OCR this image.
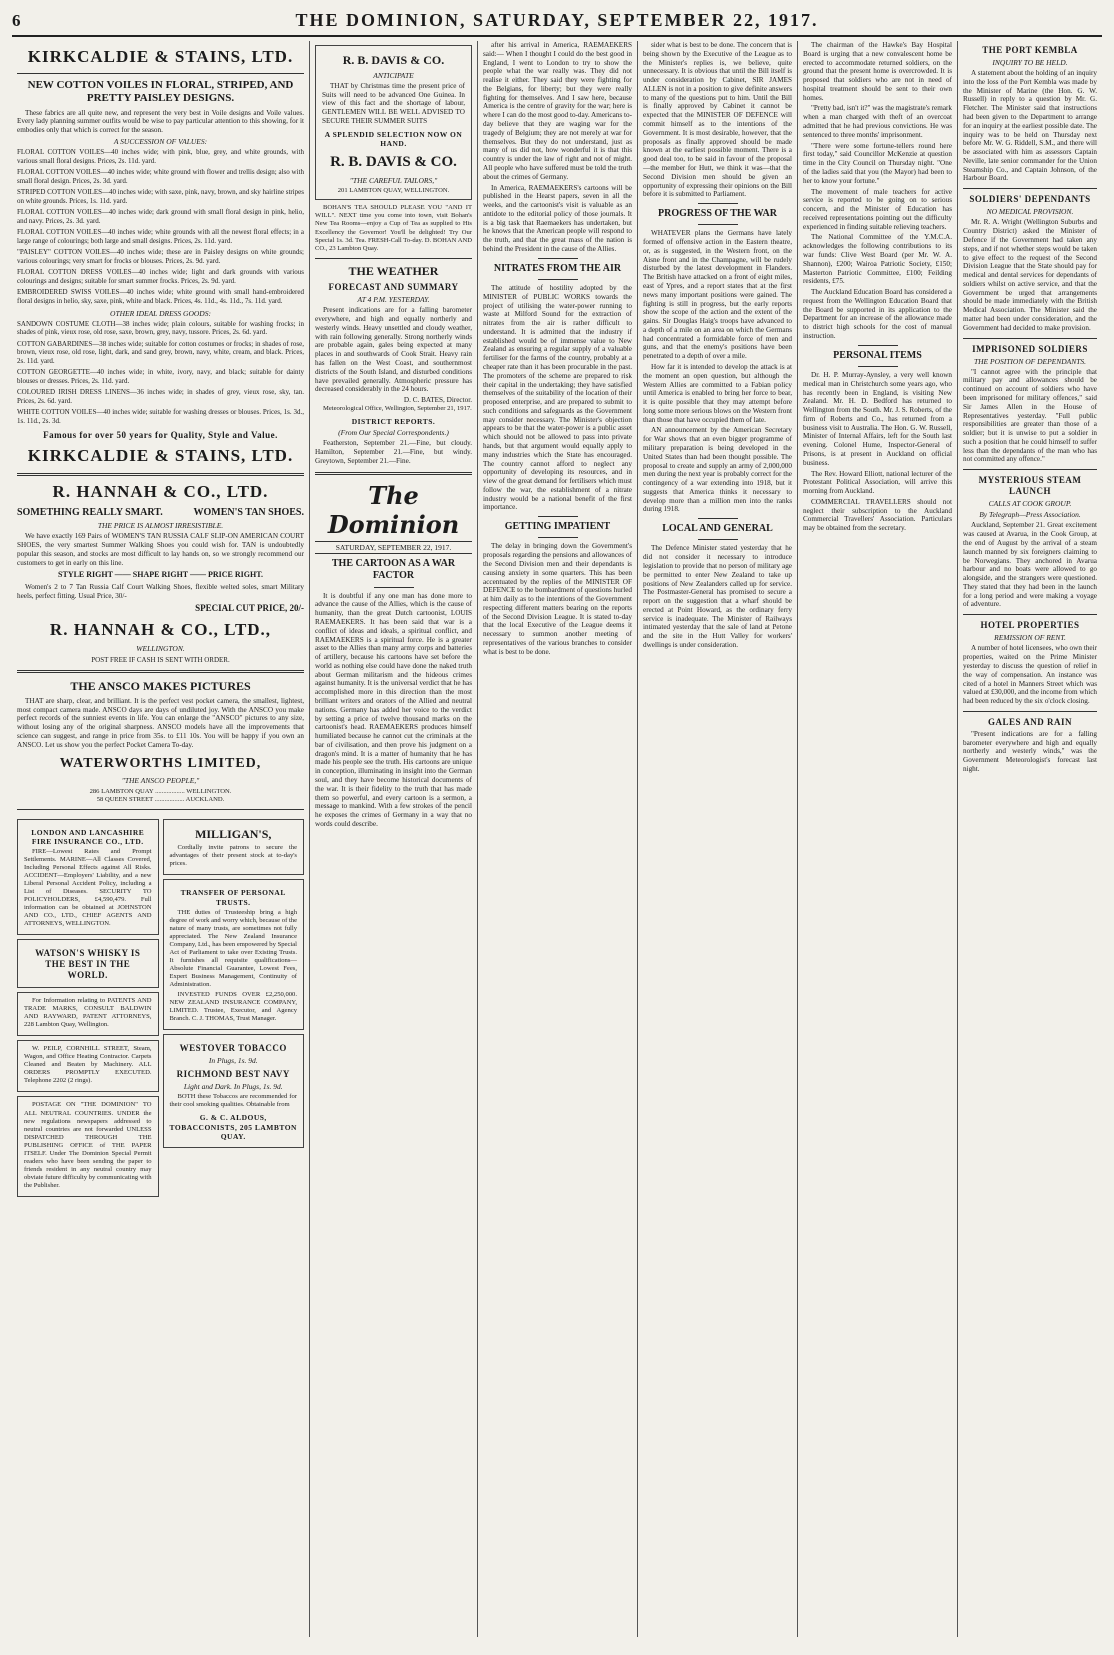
6	THE DOMINION, SATURDAY, SEPTEMBER 22, 1917.
KIRKCALDIE & STAINS, LTD.
NEW COTTON VOILES IN FLORAL, STRIPED, AND PRETTY PAISLEY DESIGNS.

These fabrics are all quite new, and represent the very best in Voile designs and Voile values. Every lady planning summer outfits would be wise to pay particular attention to this showing, for it embodies only that which is correct for the season.

A SUCCESSION OF VALUES:
FLORAL COTTON VOILES—40 inches wide; with pink, blue, grey, and white grounds, with various small floral designs. Prices, 2s. 11d. yard.
FLORAL COTTON VOILES—40 inches wide; white ground with flower and trellis design; also with small floral design. Prices, 2s. 3d. yard.
STRIPED COTTON VOILES—40 inches wide; with saxe, pink, navy, brown, and sky hairline stripes on white grounds. Prices, 1s. 11d. yard.
FLORAL COTTON VOILES—40 inches wide; dark ground with small floral design in pink, helio, and navy. Prices, 2s. 3d. yard.
FLORAL COTTON VOILES—40 inches wide; white grounds with all the newest floral effects; in a large range of colourings; both large and small designs. Prices, 2s. 11d. yard.
"PAISLEY" COTTON VOILES—40 inches wide; these are in Paisley designs on white grounds; various colourings; very smart for frocks or blouses. Prices, 2s. 9d. yard.
FLORAL COTTON DRESS VOILES—40 inches wide; light and dark grounds with various colourings and designs; suitable for smart summer frocks. Prices, 2s. 9d. yard.
EMBROIDERED SWISS VOILES—40 inches wide; white ground with small hand-embroidered floral designs in helio, sky, saxe, pink, white and black. Prices, 4s. 11d., 4s. 11d., 7s. 11d. yard.
OTHER IDEAL DRESS GOODS:
SANDOWN COSTUME CLOTH—38 inches wide; plain colours, suitable for washing frocks; in shades of pink, vieux rose, old rose, saxe, brown, grey, navy, tussore. Prices, 2s. 6d. yard.
COTTON GABARDINES—38 inches wide; suitable for cotton costumes or frocks; in shades of rose, brown, vieux rose, old rose, light, dark, and sand grey, brown, navy, white, cream, and black. Prices, 2s. 11d. yard.
COTTON GEORGETTE—40 inches wide; in white, ivory, navy, and black; suitable for dainty blouses or dresses. Prices, 2s. 11d. yard.
COLOURED IRISH DRESS LINENS—36 inches wide; in shades of grey, vieux rose, sky, tan. Prices, 2s. 6d. yard.
WHITE COTTON VOILES—40 inches wide; suitable for washing dresses or blouses. Prices, 1s. 3d., 1s. 11d., 2s. 3d.
Famous for over 50 years for Quality, Style and Value.
KIRKCALDIE & STAINS, LTD.
R. HANNAH & CO., LTD.
SOMETHING REALLY SMART.	WOMEN'S TAN SHOES.
THE PRICE IS ALMOST IRRESISTIBLE.

We have exactly 169 Pairs of WOMEN'S TAN RUSSIA CALF SLIP-ON AMERICAN COURT SHOES, the very smartest Summer Walking Shoes you could wish for. TAN is undoubtedly popular this season, and stocks are most difficult to lay hands on, so we strongly recommend our customers to get in early on this line.

STYLE RIGHT —— SHAPE RIGHT —— PRICE RIGHT.

Women's 2 to 7 Tan Russia Calf Court Walking Shoes, flexible welted soles, smart Military heels, perfect fitting. Usual Price, 30/-

SPECIAL CUT PRICE, 20/-
R. HANNAH & CO., LTD.,
WELLINGTON.
POST FREE IF CASH IS SENT WITH ORDER.
THE ANSCO MAKES PICTURES

THAT are sharp, clear, and brilliant. It is the perfect vest pocket camera, the smallest, lightest, most compact camera made. ANSCO days are days of undiluted joy. With the ANSCO you make perfect records of the sunniest events in life. You can enlarge the "ANSCO" pictures to any size, without losing any of the original sharpness. ANSCO models have all the improvements that science can suggest, and range in price from 35s. to £11 10s. You will be happy if you own an ANSCO. Let us show you the perfect Pocket Camera To-day.

WATERWORTHS LIMITED,
"THE ANSCO PEOPLE,"
286 LAMBTON QUAY .................. WELLINGTON.
58 QUEEN STREET .................. AUCKLAND.
LONDON AND LANCASHIRE FIRE INSURANCE CO., LTD.

FIRE—Lowest Rates and Prompt Settlements. MARINE—All Classes Covered, Including Personal Effects against All Risks. ACCIDENT—Employers' Liability, and a new Liberal Personal Accident Policy, including a List of Diseases. SECURITY TO POLICYHOLDERS, £4,590,479. Full information can be obtained at JOHNSTON AND CO., LTD., CHIEF AGENTS AND ATTORNEYS, WELLINGTON.

WATSON'S WHISKY IS THE BEST IN THE WORLD.

For Information relating to PATENTS AND TRADE MARKS, CONSULT BALDWIN AND RAYWARD, PATENT ATTORNEYS, 228 Lambton Quay, Wellington.

W. PEILP, CORNHILL STREET, Steam, Wagon, and Office Heating Contractor. Carpets Cleaned and Beaten by Machinery. ALL ORDERS PROMPTLY EXECUTED. Telephone 2202 (2 rings).

POSTAGE ON "THE DOMINION" TO ALL NEUTRAL COUNTRIES. UNDER the new regulations newspapers addressed to neutral countries are not forwarded UNLESS DISPATCHED THROUGH THE PUBLISHING OFFICE of THE PAPER ITSELF. Under The Dominion Special Permit readers who have been sending the paper to friends resident in any neutral country may obviate future difficulty by communicating with the Publisher.

MILLIGAN'S,

Cordially invite patrons to secure the advantages of their present stock at to-day's prices.

TRANSFER OF PERSONAL TRUSTS.

THE duties of Trusteeship bring a high degree of work and worry which, because of the nature of many trusts, are sometimes not fully appreciated. The New Zealand Insurance Company, Ltd., has been empowered by Special Act of Parliament to take over Existing Trusts. It furnishes all requisite qualifications—Absolute Financial Guarantee, Lowest Fees, Expert Business Management, Continuity of Administration.

INVESTED FUNDS OVER £2,250,000. NEW ZEALAND INSURANCE COMPANY, LIMITED. Trustee, Executor, and Agency Branch. C. J. THOMAS, Trust Manager.

WESTOVER TOBACCO
In Plugs, 1s. 9d.
RICHMOND BEST NAVY
Light and Dark. In Plugs, 1s. 9d.

BOTH these Tobaccos are recommended for their cool smoking qualities. Obtainable from

G. & C. ALDOUS, TOBACCONISTS, 205 LAMBTON QUAY.
R. B. DAVIS & CO.
ANTICIPATE

THAT by Christmas time the present price of Suits will need to be advanced One Guinea. In view of this fact and the shortage of labour, GENTLEMEN WILL BE WELL ADVISED TO SECURE THEIR SUMMER SUITS

A SPLENDID SELECTION NOW ON HAND.
R. B. DAVIS & CO.
"THE CAREFUL TAILORS,"
201 LAMBTON QUAY, WELLINGTON.

BOHAN'S TEA SHOULD PLEASE YOU "AND IT WILL". NEXT time you come into town, visit Bohan's New Tea Rooms—enjoy a Cup of Tea as supplied to His Excellency the Governor! You'll be delighted! Try Our Special 1s. 3d. Tea. FRESH-Call To-day. D. BOHAN AND CO., 23 Lambton Quay.

THE WEATHER
FORECAST AND SUMMARY
AT 4 P.M. YESTERDAY.

Present indications are for a falling barometer everywhere, and high and equally northerly and westerly winds. Heavy unsettled and cloudy weather, with rain following generally. Strong northerly winds are probable again, gales being expected at many places in and southwards of Cook Strait. Heavy rain has fallen on the West Coast, and southernmost districts of the South Island, and disturbed conditions have prevailed generally. Atmospheric pressure has decreased considerably in the 24 hours.

D. C. BATES, Director.

Meteorological Office, Wellington, September 21, 1917.

DISTRICT REPORTS.
(From Our Special Correspondents.)

Featherston, September 21.—Fine, but cloudy. Hamilton, September 21.—Fine, but windy. Greytown, September 21.—Fine.

The Dominion
SATURDAY, SEPTEMBER 22, 1917.
THE CARTOON AS A WAR FACTOR

It is doubtful if any one man has done more to advance the cause of the Allies, which is the cause of humanity, than the great Dutch cartoonist, LOUIS RAEMAEKERS. It has been said that war is a conflict of ideas and ideals, a spiritual conflict, and RAEMAEKERS is a spiritual force. He is a greater asset to the Allies than many army corps and batteries of artillery, because his cartoons have set before the world as nothing else could have done the naked truth about German militarism and the hideous crimes against humanity. It is the universal verdict that he has accomplished more in this direction than the most brilliant writers and orators of the Allied and neutral nations. Germany has added her voice to the verdict by setting a price of twelve thousand marks on the cartoonist's head. RAEMAEKERS produces himself humiliated because he cannot cut the criminals at the bar of civilisation, and then prove his judgment on a dragon's mind. It is a matter of humanity that he has made his people see the truth. His cartoons are unique in conception, illuminating in insight into the German soul, and they have become historical documents of the war. It is their fidelity to the truth that has made them so powerful, and every cartoon is a sermon, a message to mankind. With a few strokes of the pencil he exposes the crimes of Germany in a way that no words could describe.

after his arrival in America, RAEMAEKERS said:— When I thought I could do the best good in England, I went to London to try to show the people what the war really was. They did not realise it either. They said they were fighting for the Belgians, for liberty; but they were really fighting for themselves. And I saw here, because America is the centre of gravity for the war; here is where I can do the most good to-day. Americans to-day believe that they are waging war for the tragedy of Belgium; they are not merely at war for themselves. But they do not understand, just as many of us did not, how wonderful it is that this country is under the law of right and not of might. All people who have suffered must be told the truth about the crimes of Germany.

In America, RAEMAEKERS's cartoons will be published in the Hearst papers, seven in all the weeks, and the cartoonist's visit is valuable as an antidote to the editorial policy of those journals. It is a big task that Raemaekers has undertaken, but he knows that the American people will respond to the truth, and that the great mass of the nation is behind the President in the cause of the Allies.

NITRATES FROM THE AIR

The attitude of hostility adopted by the MINISTER of PUBLIC WORKS towards the project of utilising the water-power running to waste at Milford Sound for the extraction of nitrates from the air is rather difficult to understand. It is admitted that the industry if established would be of immense value to New Zealand as ensuring a regular supply of a valuable fertiliser for the farms of the country, probably at a cheaper rate than it has been procurable in the past. The promoters of the scheme are prepared to risk their capital in the undertaking; they have satisfied themselves of the suitability of the location of their proposed enterprise, and are prepared to submit to such conditions and safeguards as the Government may consider necessary. The Minister's objection appears to be that the water-power is a public asset which should not be allowed to pass into private hands, but that argument would equally apply to many industries which the State has encouraged. The country cannot afford to neglect any opportunity of developing its resources, and in view of the great demand for fertilisers which must follow the war, the establishment of a nitrate industry would be a national benefit of the first importance.

GETTING IMPATIENT

The delay in bringing down the Government's proposals regarding the pensions and allowances of the Second Division men and their dependants is causing anxiety in some quarters. This has been accentuated by the replies of the MINISTER OF DEFENCE to the bombardment of questions hurled at him daily as to the intentions of the Government respecting different matters bearing on the reports of the Second Division League. It is stated to-day that the local Executive of the League deems it necessary to summon another meeting of representatives of the various branches to consider what is best to be done.

sider what is best to be done. The concern that is being shown by the Executive of the League as to the Minister's replies is, we believe, quite unnecessary. It is obvious that until the Bill itself is under consideration by Cabinet, SIR JAMES ALLEN is not in a position to give definite answers to many of the questions put to him. Until the Bill is finally approved by Cabinet it cannot be expected that the MINISTER OF DEFENCE will commit himself as to the intentions of the Government. It is most desirable, however, that the proposals as finally approved should be made known at the earliest possible moment. There is a good deal too, to be said in favour of the proposal—the member for Hutt, we think it was—that the Second Division men should be given an opportunity of expressing their opinions on the Bill before it is submitted to Parliament.

PROGRESS OF THE WAR

WHATEVER plans the Germans have lately formed of offensive action in the Eastern theatre, or, as is suggested, in the Western front, on the Aisne front and in the Champagne, will be rudely disturbed by the latest development in Flanders. The British have attacked on a front of eight miles, east of Ypres, and a report states that at the first news many important positions were gained. The fighting is still in progress, but the early reports show the scope of the action and the extent of the gains. Sir Douglas Haig's troops have advanced to a depth of a mile on an area on which the Germans had concentrated a formidable force of men and guns, and that the enemy's positions have been penetrated to a depth of over a mile.

How far it is intended to develop the attack is at the moment an open question, but although the Western Allies are committed to a Fabian policy until America is enabled to bring her force to bear, it is quite possible that they may attempt before long some more serious blows on the Western front than those that have occupied them of late.

AN announcement by the American Secretary for War shows that an even bigger programme of military preparation is being developed in the United States than had been thought possible. The proposal to create and supply an army of 2,000,000 men during the next year is probably correct for the contingency of a war extending into 1918, but it suggests that America thinks it necessary to develop more than a million men into the ranks during 1918.

LOCAL AND GENERAL

The Defence Minister stated yesterday that he did not consider it necessary to introduce legislation to provide that no person of military age be permitted to enter New Zealand to take up positions of New Zealanders called up for service. The Postmaster-General has promised to secure a report on the suggestion that a wharf should be erected at Point Howard, as the ordinary ferry service is inadequate. The Minister of Railways intimated yesterday that the sale of land at Petone and the site in the Hutt Valley for workers' dwellings is under consideration.

The chairman of the Hawke's Bay Hospital Board is urging that a new convalescent home be erected to accommodate returned soldiers, on the ground that the present home is overcrowded. It is proposed that soldiers who are not in need of hospital treatment should be sent to their own homes.

"Pretty bad, isn't it?" was the magistrate's remark when a man charged with theft of an overcoat admitted that he had previous convictions. He was sentenced to three months' imprisonment.

"There were some fortune-tellers round here first today," said Councillor McKenzie at question time in the City Council on Thursday night. "One of the ladies said that you (the Mayor) had been to her to know your fortune."

The movement of male teachers for active service is reported to be going on to serious concern, and the Minister of Education has received representations pointing out the difficulty experienced in finding suitable relieving teachers.

The National Committee of the Y.M.C.A. acknowledges the following contributions to its war funds: Clive West Board (per Mr. W. A. Shannon), £200; Wairoa Patriotic Society, £150; Masterton Patriotic Committee, £100; Feilding residents, £75.

The Auckland Education Board has considered a request from the Wellington Education Board that the Board be supported in its application to the Department for an increase of the allowance made to district high schools for the cost of manual instruction.

PERSONAL ITEMS

Dr. H. P. Murray-Aynsley, a very well known medical man in Christchurch some years ago, who has recently been in England, is visiting New Zealand. Mr. H. D. Bedford has returned to Wellington from the South. Mr. J. S. Roberts, of the firm of Roberts and Co., has returned from a business visit to Australia. The Hon. G. W. Russell, Minister of Internal Affairs, left for the South last evening. Colonel Hume, Inspector-General of Prisons, is at present in Auckland on official business.

The Rev. Howard Elliott, national lecturer of the Protestant Political Association, will arrive this morning from Auckland.

COMMERCIAL TRAVELLERS should not neglect their subscription to the Auckland Commercial Travellers' Association. Particulars may be obtained from the secretary.

THE PORT KEMBLA
INQUIRY TO BE HELD.

A statement about the holding of an inquiry into the loss of the Port Kembla was made by the Minister of Marine (the Hon. G. W. Russell) in reply to a question by Mr. G. Fletcher. The Minister said that instructions had been given to the Department to arrange for an inquiry at the earliest possible date. The inquiry was to be held on Thursday next before Mr. W. G. Riddell, S.M., and there will be associated with him as assessors Captain Neville, late senior commander for the Union Steamship Co., and Captain Johnson, of the Harbour Board.

SOLDIERS' DEPENDANTS
NO MEDICAL PROVISION.

Mr. R. A. Wright (Wellington Suburbs and Country District) asked the Minister of Defence if the Government had taken any steps, and if not whether steps would be taken to give effect to the request of the Second Division League that the State should pay for medical and dental services for dependants of soldiers whilst on active service, and that the Government be urged that arrangements should be made immediately with the British Medical Association. The Minister said the matter had been under consideration, and the Government had decided to make provision.

IMPRISONED SOLDIERS
THE POSITION OF DEPENDANTS.

"I cannot agree with the principle that military pay and allowances should be continued on account of soldiers who have been imprisoned for military offences," said Sir James Allen in the House of Representatives yesterday. "Full public responsibilities are greater than those of a soldier; but it is unwise to put a soldier in such a position that he could himself to suffer less than the dependants of the man who has not committed any offence."

MYSTERIOUS STEAM LAUNCH
CALLS AT COOK GROUP.
By Telegraph—Press Association.

Auckland, September 21. Great excitement was caused at Avarua, in the Cook Group, at the end of August by the arrival of a steam launch manned by six foreigners claiming to be Norwegians. They anchored in Avarua harbour and no boats were allowed to go alongside, and the strangers were questioned. They stated that they had been in the launch for a long period and were making a voyage of adventure.

HOTEL PROPERTIES
REMISSION OF RENT.

A number of hotel licensees, who own their properties, waited on the Prime Minister yesterday to discuss the question of relief in the way of compensation. An instance was cited of a hotel in Manners Street which was valued at £30,000, and the income from which had been reduced by the six o'clock closing.

GALES AND RAIN

"Present indications are for a falling barometer everywhere and high and equally northerly and westerly winds," was the Government Meteorologist's forecast last night.
